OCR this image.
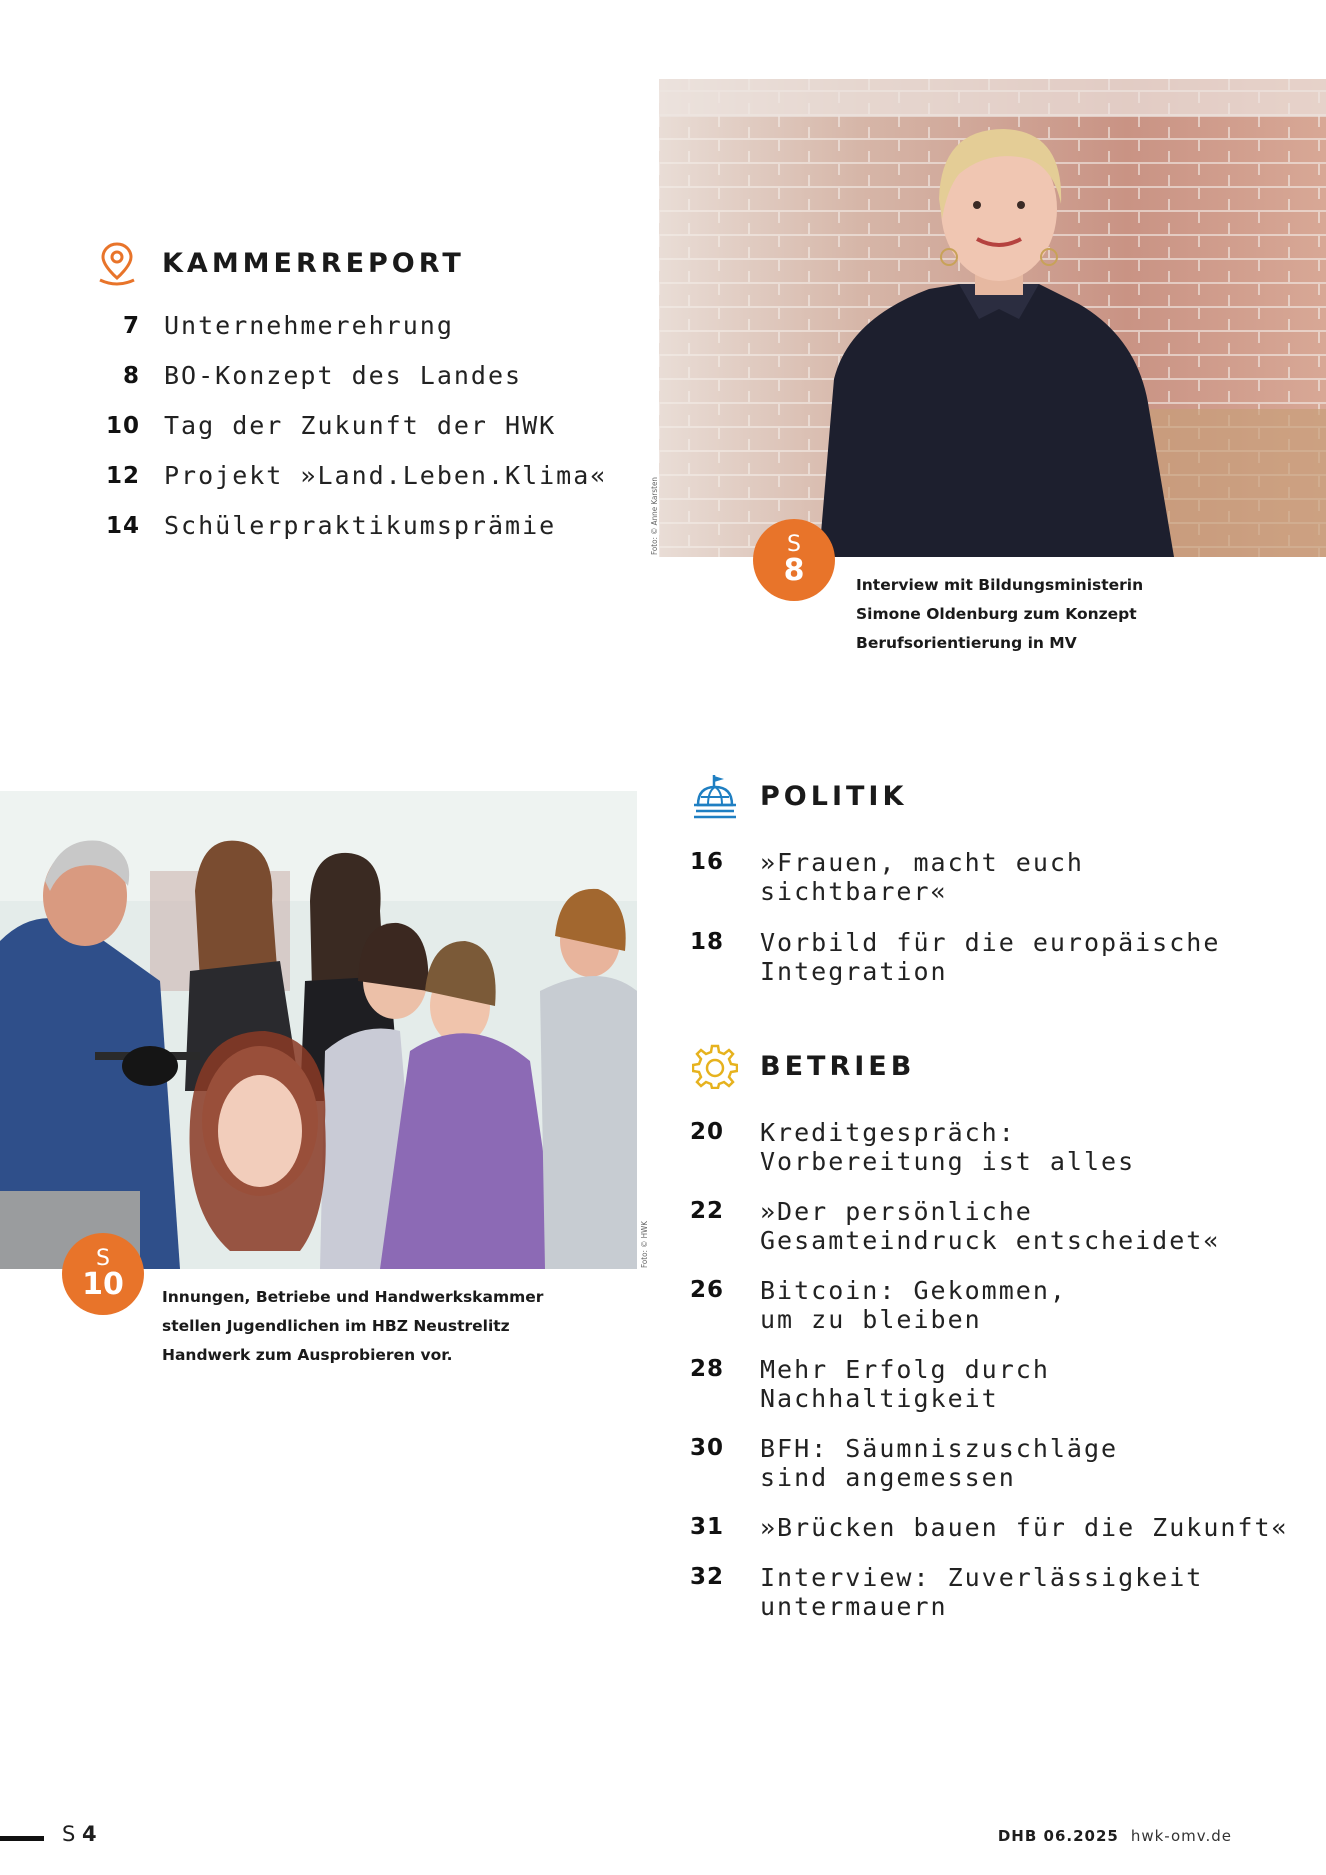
KAMMERREPORT
7 Unternehmerehrung
8 BO-Konzept des Landes
10 Tag der Zukunft der HWK
12 Projekt »Land.Leben.Klima«
14 Schülerpraktikumsprämie	Foto: © Anne Karsten	S
8	Interview mit Bildungsministerin
Simone Oldenburg zum Konzept
Berufsorientierung in MV
Foto: © HWK
S
10 Innungen, Betriebe und Handwerkskammer
stellen Jugendlichen im HBZ Neustrelitz
Handwerk zum Ausprobieren vor.
POLITIK
16	»Frauen, macht euch
sichtbarer«
18	Vorbild für die europäische
Integration
BETRIEB
20	Kreditgespräch:
Vorbereitung ist alles
22	»Der persönliche
Gesamteindruck entscheidet«
26	Bitcoin: Gekommen,
um zu bleiben
28	Mehr Erfolg durch
Nachhaltigkeit
30	BFH: Säumniszuschläge
sind angemessen
31	»Brücken bauen für die Zukunft«
32	Interview: Zuverlässigkeit
untermauern
S 4	DHB 06.2025 hwk-omv.de
